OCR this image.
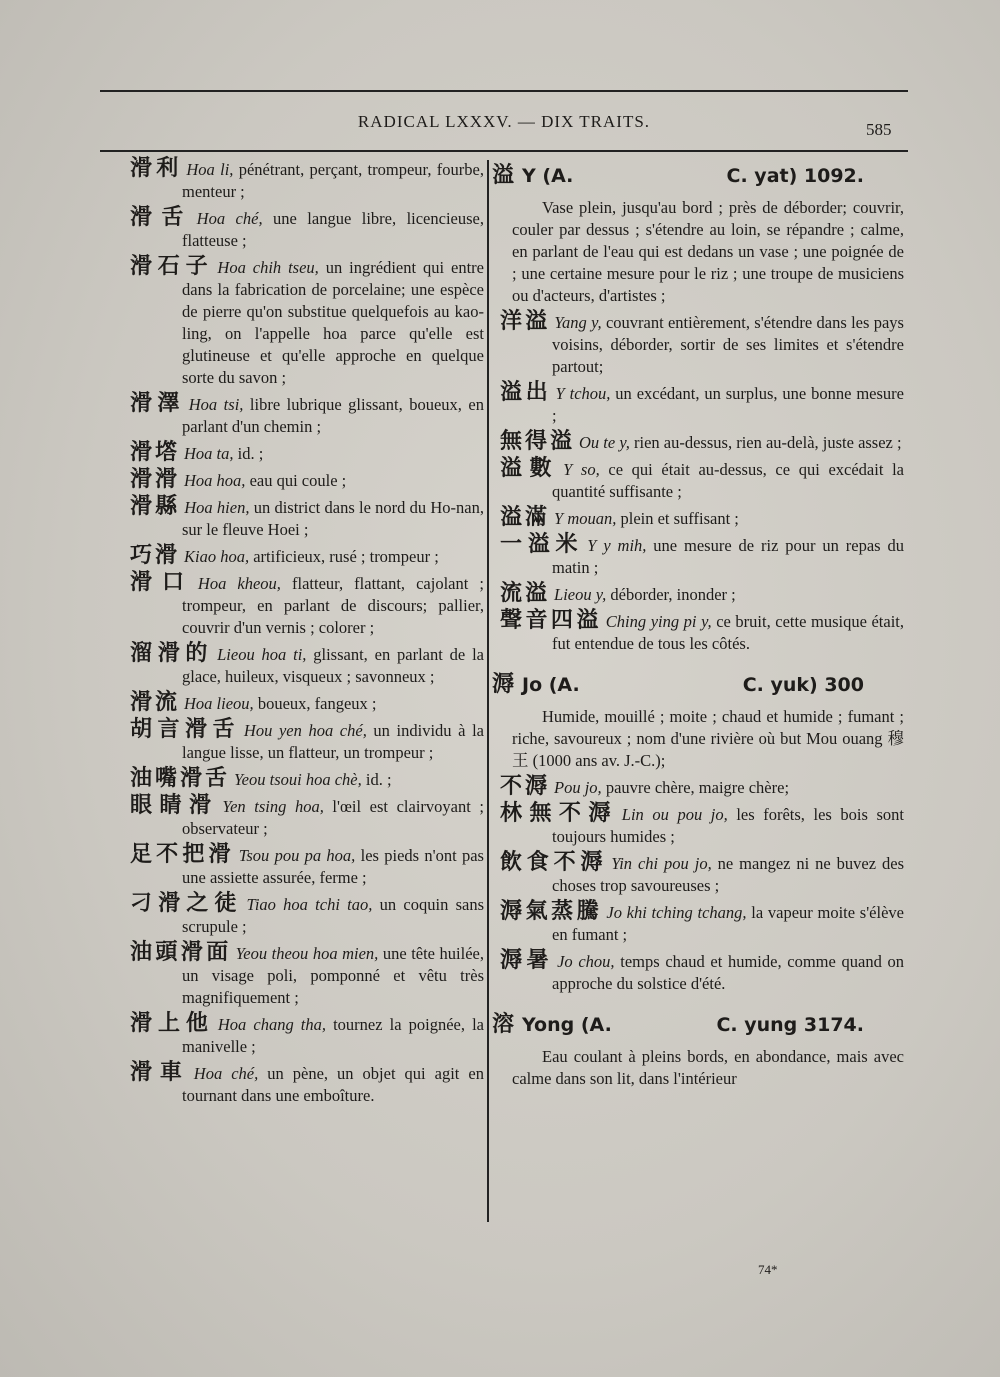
RADICAL LXXXV. — DIX TRAITS.	585
滑利 Hoa li, pénétrant, perçant, trompeur, fourbe, menteur ;
滑舌 Hoa ché, une langue libre, licencieuse, flatteuse ;
滑石子 Hoa chih tseu, un ingrédient qui entre dans la fabrication de porcelaine; une espèce de pierre qu'on substitue quelquefois au kao-ling, on l'appelle hoa parce qu'elle est glutineuse et qu'elle approche en quelque sorte du savon ;
滑澤 Hoa tsi, libre lubrique glissant, boueux, en parlant d'un chemin ;
滑㙮 Hoa ta, id. ;
滑滑 Hoa hoa, eau qui coule ;
滑縣 Hoa hien, un district dans le nord du Ho-nan, sur le fleuve Hoei ;
巧滑 Kiao hoa, artificieux, rusé ; trompeur ;
滑口 Hoa kheou, flatteur, flattant, cajolant ; trompeur, en parlant de discours; pallier, couvrir d'un vernis ; colorer ;
溜滑的 Lieou hoa ti, glissant, en parlant de la glace, huileux, visqueux ; savonneux ;
滑流 Hoa lieou, boueux, fangeux ;
胡言滑舌 Hou yen hoa ché, un individu à la langue lisse, un flatteur, un trompeur ;
油嘴滑舌 Yeou tsoui hoa chè, id. ;
眼睛滑 Yen tsing hoa, l'œil est clairvoyant ; observateur ;
足不把滑 Tsou pou pa hoa, les pieds n'ont pas une assiette assurée, ferme ;
刁滑之徒 Tiao hoa tchi tao, un coquin sans scrupule ;
油頭滑面 Yeou theou hoa mien, une tête huilée, un visage poli, pomponné et vêtu très magnifiquement ;
滑上他 Hoa chang tha, tournez la poignée, la manivelle ;
滑車 Hoa ché, un pène, un objet qui agit en tournant dans une emboîture.
溢 Y (A.	C. yat) 1092.

Vase plein, jusqu'au bord ; près de déborder; couvrir, couler par dessus ; s'étendre au loin, se répandre ; calme, en parlant de l'eau qui est dedans un vase ; une poignée de ; une certaine mesure pour le riz ; une troupe de musiciens ou d'acteurs, d'artistes ;

洋溢 Yang y, couvrant entièrement, s'étendre dans les pays voisins, déborder, sortir de ses limites et s'étendre partout;
溢出 Y tchou, un excédant, un surplus, une bonne mesure ;
無得溢 Ou te y, rien au-dessus, rien au-delà, juste assez ;
溢數 Y so, ce qui était au-dessus, ce qui excédait la quantité suffisante ;
溢滿 Y mouan, plein et suffisant ;
一溢米 Y y mih, une mesure de riz pour un repas du matin ;
流溢 Lieou y, déborder, inonder ;
聲音四溢 Ching ying pi y, ce bruit, cette musique était, fut entendue de tous les côtés.
溽 Jo (A.	C. yuk) 300

Humide, mouillé ; moite ; chaud et humide ; fumant ; riche, savoureux ; nom d'une rivière où but Mou ouang 穆王 (1000 ans av. J.-C.);

不溽 Pou jo, pauvre chère, maigre chère;
林無不溽 Lin ou pou jo, les forêts, les bois sont toujours humides ;
飲食不溽 Yin chi pou jo, ne mangez ni ne buvez des choses trop savoureuses ;
溽氣蒸騰 Jo khi tching tchang, la vapeur moite s'élève en fumant ;
溽暑 Jo chou, temps chaud et humide, comme quand on approche du solstice d'été.
溶 Yong (A.	C. yung 3174.

Eau coulant à pleins bords, en abondance, mais avec calme dans son lit, dans l'intérieur

74*
